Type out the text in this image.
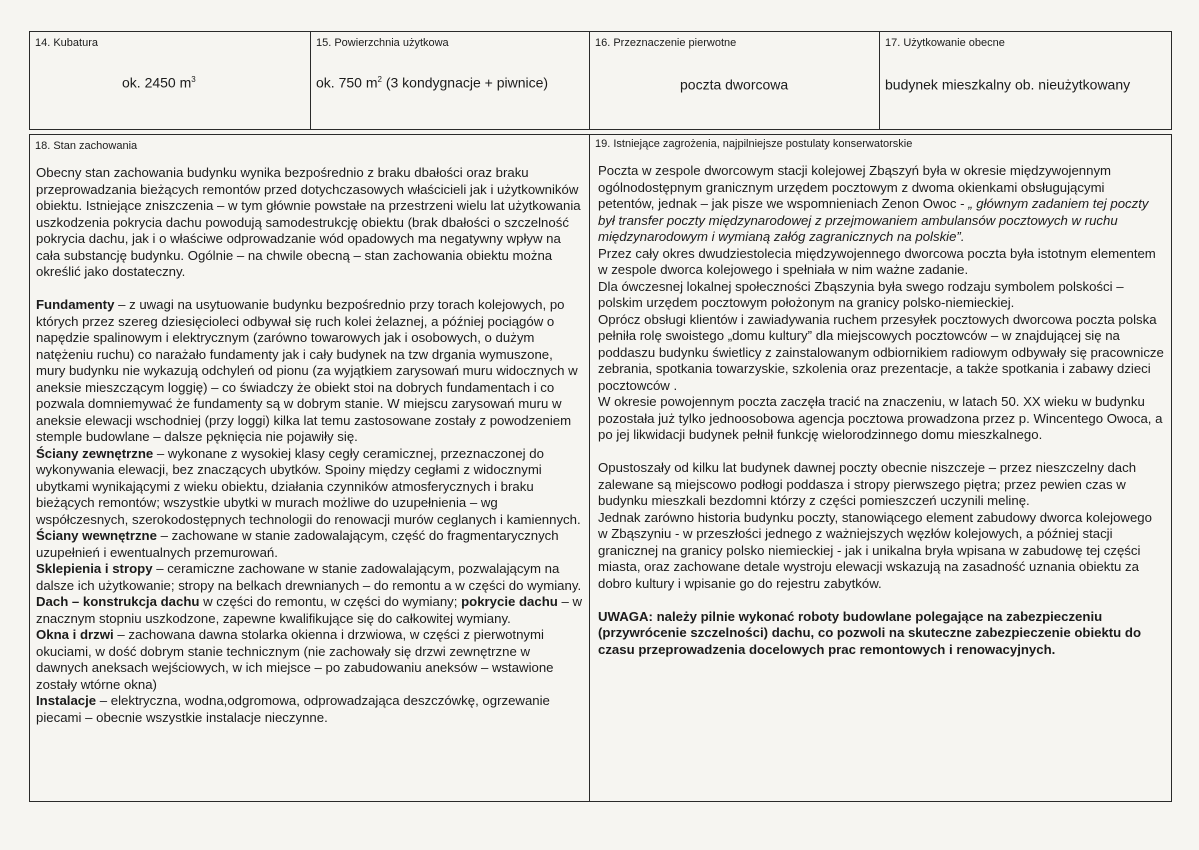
14. Kubatura
ok. 2450 $m^3$
15. Powierzchnia użytkowa
ok. 750 $m^2$ (3 kondygnacje + piwnice)
16. Przeznaczenie pierwotne
poczta dworcowa
17. Użytkowanie obecne
budynek mieszkalny ob. nieużytkowany
18. Stan zachowania

Obecny stan zachowania budynku wynika bezpośrednio z braku dbałości oraz braku przeprowadzania bieżących remontów przed dotychczasowych właścicieli jak i użytkowników obiektu. Istniejące zniszczenia – w tym głównie powstałe na przestrzeni wielu lat użytkowania uszkodzenia pokrycia dachu powodują samodestrukcję obiektu (brak dbałości o szczelność pokrycia dachu, jak i o właściwe odprowadzanie wód opadowych ma negatywny wpływ na cała substancję budynku. Ogólnie – na chwile obecną – stan zachowania obiektu można określić jako dostateczny.

Fundamenty – z uwagi na usytuowanie budynku bezpośrednio przy torach kolejowych, po których przez szereg dziesięcioleci odbywał się ruch kolei żelaznej, a później pociągów o napędzie spalinowym i elektrycznym (zarówno towarowych jak i osobowych, o dużym natężeniu ruchu) co narażało fundamenty jak i cały budynek na tzw drgania wymuszone, mury budynku nie wykazują odchyleń od pionu (za wyjątkiem zarysowań muru widocznych w aneksie mieszczącym loggię) – co świadczy że obiekt stoi na dobrych fundamentach i co pozwala domniemywać że fundamenty są w dobrym stanie. W miejscu zarysowań muru w aneksie elewacji wschodniej (przy loggi) kilka lat temu zastosowane zostały z powodzeniem stemple budowlane – dalsze pęknięcia nie pojawiły się.

Ściany zewnętrzne – wykonane z wysokiej klasy cegły ceramicznej, przeznaczonej do wykonywania elewacji, bez znaczących ubytków. Spoiny między cegłami z widocznymi ubytkami wynikającymi z wieku obiektu, działania czynników atmosferycznych i braku bieżących remontów; wszystkie ubytki w murach możliwe do uzupełnienia – wg współczesnych, szerokodostępnych technologii do renowacji murów ceglanych i kamiennych.

Ściany wewnętrzne – zachowane w stanie zadowalającym, część do fragmentarycznych uzupełnień i ewentualnych przemurowań.

Sklepienia i stropy – ceramiczne zachowane w stanie zadowalającym, pozwalającym na dalsze ich użytkowanie; stropy na belkach drewnianych – do remontu a w części do wymiany.

Dach – konstrukcja dachu w części do remontu, w części do wymiany; pokrycie dachu – w znacznym stopniu uszkodzone, zapewne kwalifikujące się do całkowitej wymiany.

Okna i drzwi – zachowana dawna stolarka okienna i drzwiowa, w części z pierwotnymi okuciami, w dość dobrym stanie technicznym (nie zachowały się drzwi zewnętrzne w dawnych aneksach wejściowych, w ich miejsce – po zabudowaniu aneksów – wstawione zostały wtórne okna)

Instalacje – elektryczna, wodna,odgromowa, odprowadzająca deszczówkę, ogrzewanie piecami – obecnie wszystkie instalacje nieczynne.

19. Istniejące zagrożenia, najpilniejsze postulaty konserwatorskie

Poczta w zespole dworcowym stacji kolejowej Zbąszyń była w okresie międzywojennym ogólnodostępnym granicznym urzędem pocztowym z dwoma okienkami obsługującymi petentów, jednak – jak pisze we wspomnieniach Zenon Owoc - „ głównym zadaniem tej poczty był transfer poczty międzynarodowej z przejmowaniem ambulansów pocztowych w ruchu międzynarodowym i wymianą załóg zagranicznych na polskie”.

Przez cały okres dwudziestolecia międzywojennego dworcowa poczta była istotnym elementem w zespole dworca kolejowego i spełniała w nim ważne zadanie.

Dla ówczesnej lokalnej społeczności Zbąszynia była swego rodzaju symbolem polskości – polskim urzędem pocztowym położonym na granicy polsko-niemieckiej.

Oprócz obsługi klientów i zawiadywania ruchem przesyłek pocztowych dworcowa poczta polska pełniła rolę swoistego „domu kultury” dla miejscowych pocztowców – w znajdującej się na poddaszu budynku świetlicy z zainstalowanym odbiornikiem radiowym odbywały się pracownicze zebrania, spotkania towarzyskie, szkolenia oraz prezentacje, a także spotkania i zabawy dzieci pocztowców .

W okresie powojennym poczta zaczęła tracić na znaczeniu, w latach 50. XX wieku w budynku pozostała już tylko jednoosobowa agencja pocztowa prowadzona przez p. Wincentego Owoca, a po jej likwidacji budynek pełnił funkcję wielorodzinnego domu mieszkalnego.

Opustoszały od kilku lat budynek dawnej poczty obecnie niszczeje – przez nieszczelny dach zalewane są miejscowo podłogi poddasza i stropy pierwszego piętra; przez pewien czas w budynku mieszkali bezdomni którzy z części pomieszczeń uczynili melinę.

Jednak zarówno historia budynku poczty, stanowiącego element zabudowy dworca kolejowego w Zbąszyniu - w przeszłości jednego z ważniejszych węzłów kolejowych, a później stacji granicznej na granicy polsko niemieckiej - jak i unikalna bryła wpisana w zabudowę tej części miasta, oraz zachowane detale wystroju elewacji wskazują na zasadność uznania obiektu za dobro kultury i wpisanie go do rejestru zabytków.

UWAGA: należy pilnie wykonać roboty budowlane polegające na zabezpieczeniu (przywrócenie szczelności) dachu, co pozwoli na skuteczne zabezpieczenie obiektu do czasu przeprowadzenia docelowych prac remontowych i renowacyjnych.
